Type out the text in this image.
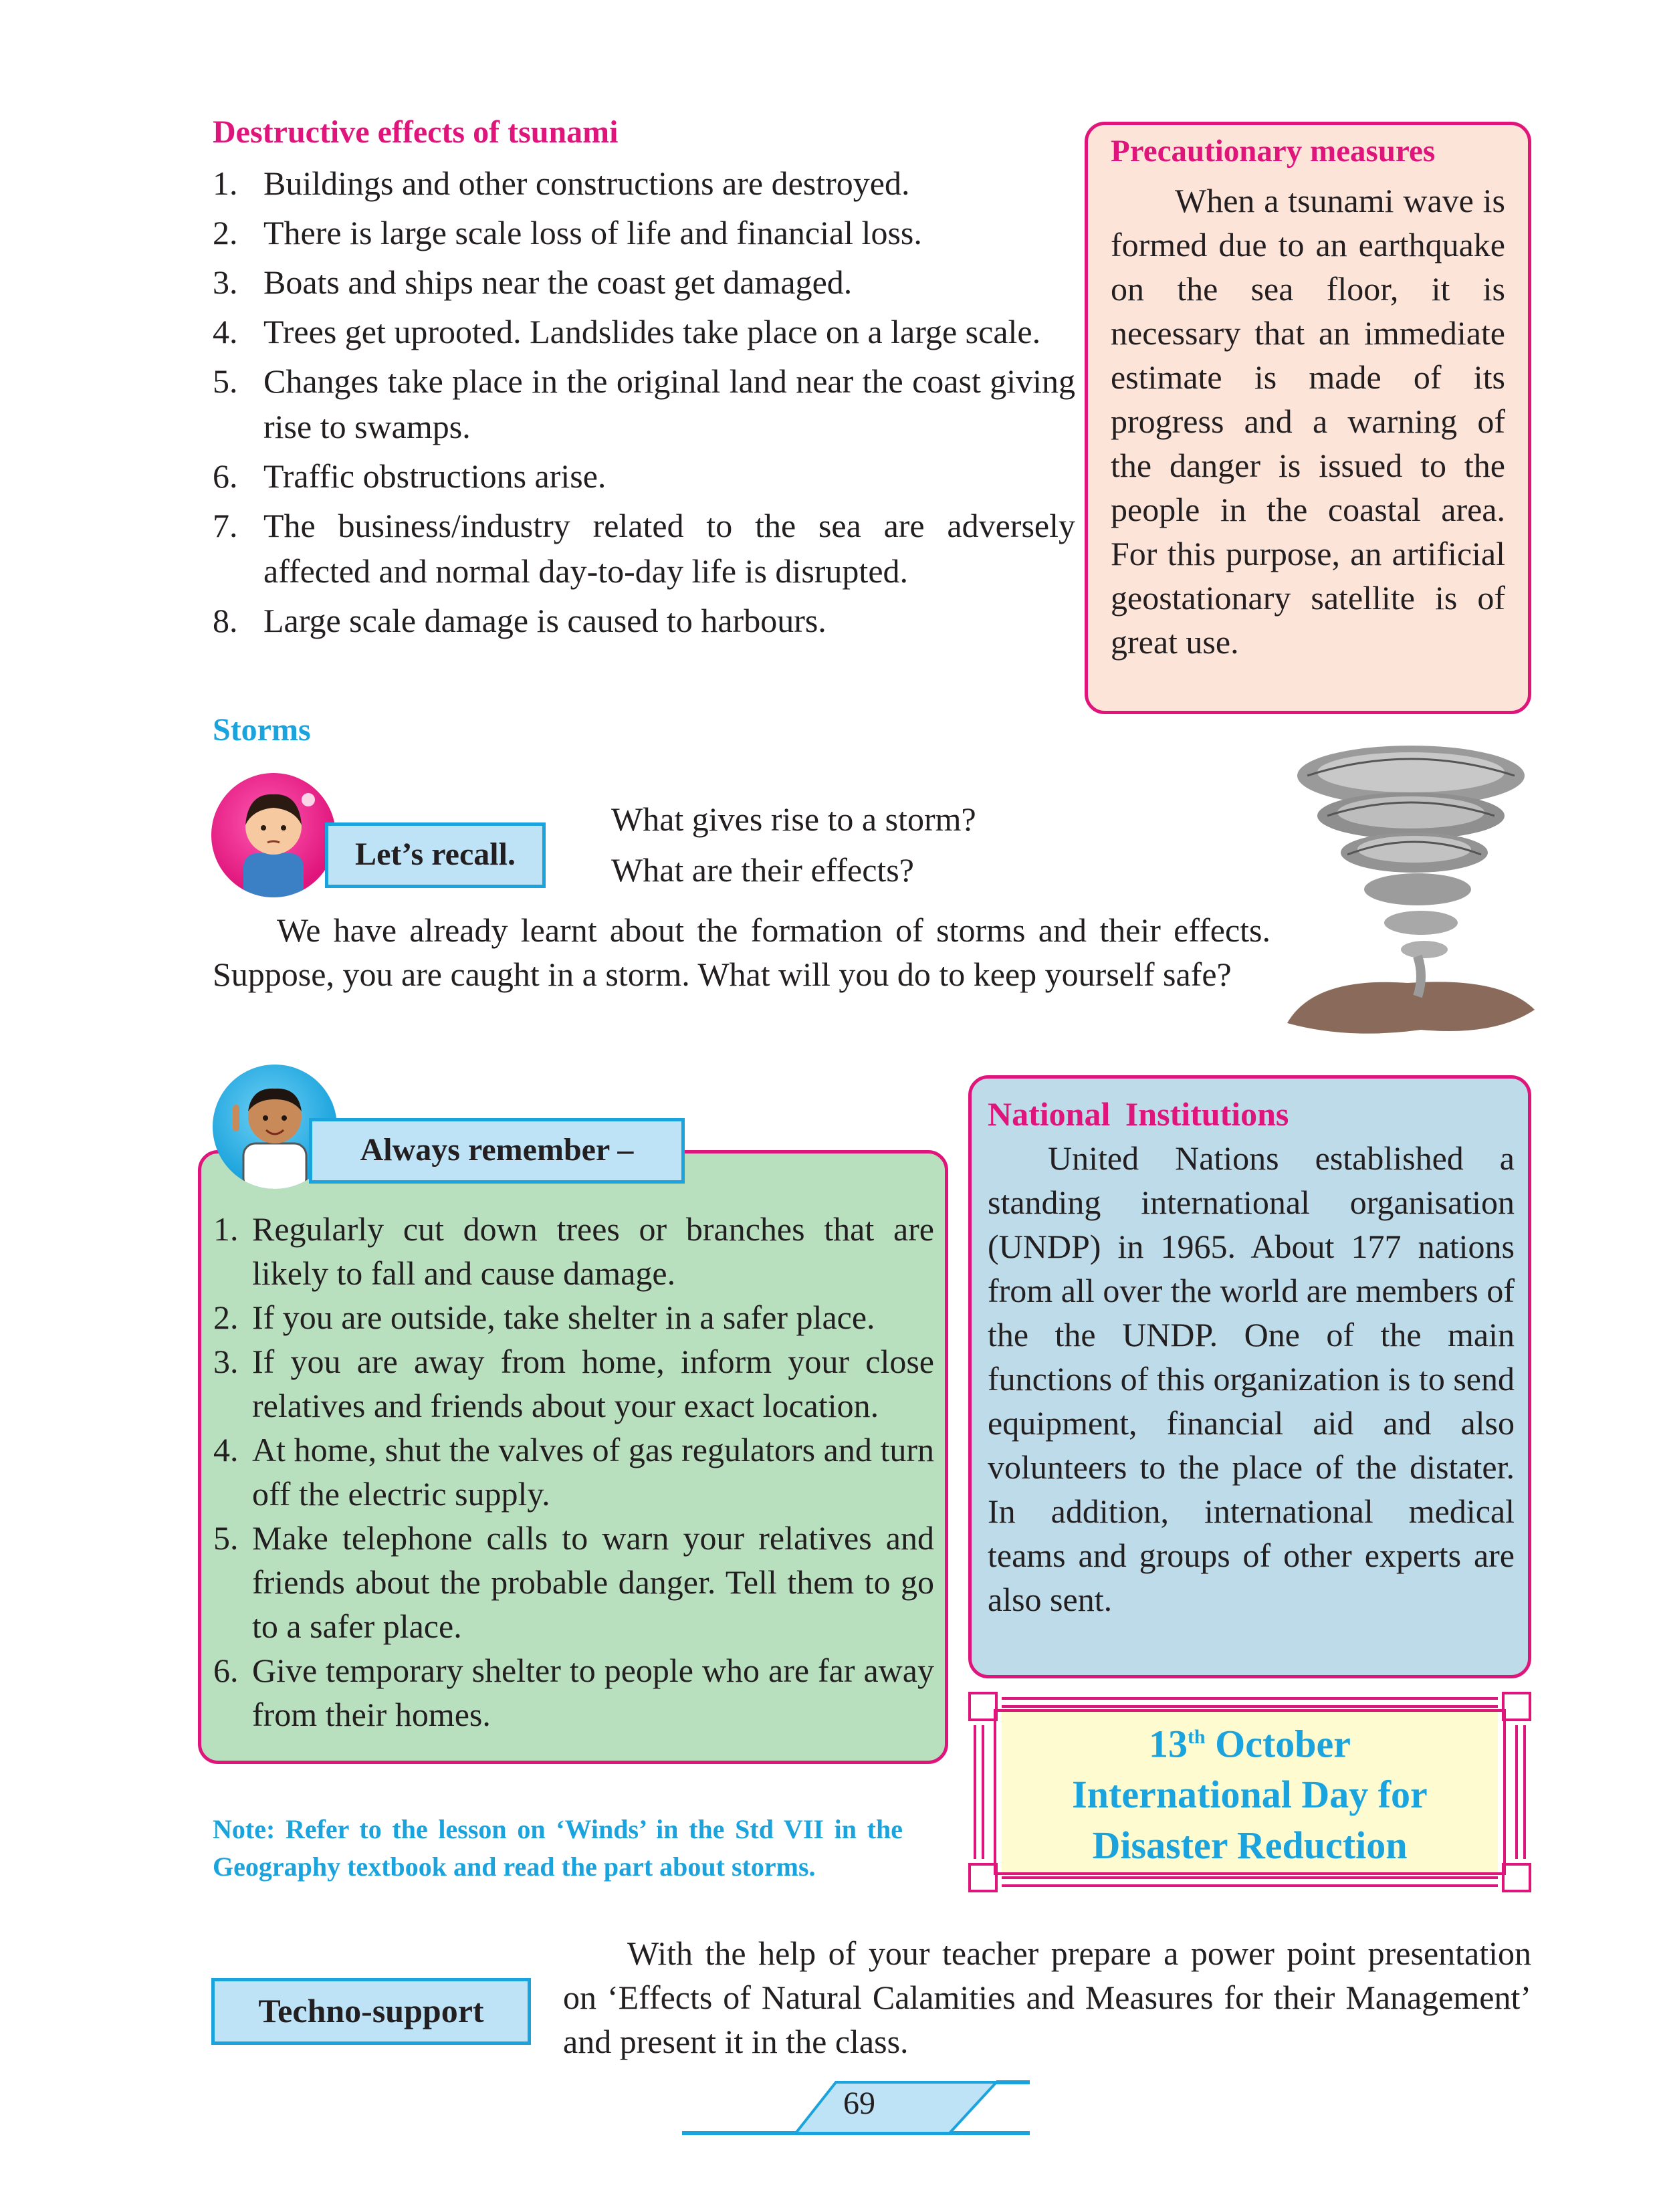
Destructive effects of tsunami
1. Buildings and other constructions are destroyed.
2. There is large scale loss of life and financial loss.
3. Boats and ships near the coast get damaged.
4. Trees get uprooted. Landslides take place on a large scale.
5. Changes take place in the original land near the coast giving rise to swamps.
6. Traffic obstructions arise.
7. The business/industry related to the sea are adversely affected and normal day-to-day life is disrupted.
8. Large scale damage is caused to harbours.
Precautionary measures

When a tsunami wave is formed due to an earthquake on the sea floor, it is necessary that an immediate estimate is made of its progress and a warning of the danger is issued to the people in the coastal area. For this purpose, an artificial geostationary satellite is of great use.

Storms
Let’s recall.
What gives rise to a storm?
What are their effects?

We have already learnt about the formation of storms and their effects. Suppose, you are caught in a storm. What will you do to keep yourself safe?

1. Regularly cut down trees or branches that are likely to fall and cause damage.
2. If you are outside, take shelter in a safer place.
3. If you are away from home, inform your close relatives and friends about your exact location.
4. At home, shut the valves of gas regulators and turn off the electric supply.
5. Make telephone calls to warn your relatives and friends about the probable danger. Tell them to go to a safer place.
6. Give temporary shelter to people who are far away from their homes.
Always remember –
National Institutions

United Nations established a standing international organisation (UNDP) in 1965. About 177 nations from all over the world are members of the the UNDP. One of the main functions of this organization is to send equipment, financial aid and also volunteers to the place of the distater. In addition, international medical teams and groups of other experts are also sent.

13th October
International Day for
Disaster Reduction
Note: Refer to the lesson on ‘Winds’ in the Std VII in the Geography textbook and read the part about storms.
Techno-support

With the help of your teacher prepare a power point presentation on ‘Effects of Natural Calamities and Measures for their Management’ and present it in the class.

69
